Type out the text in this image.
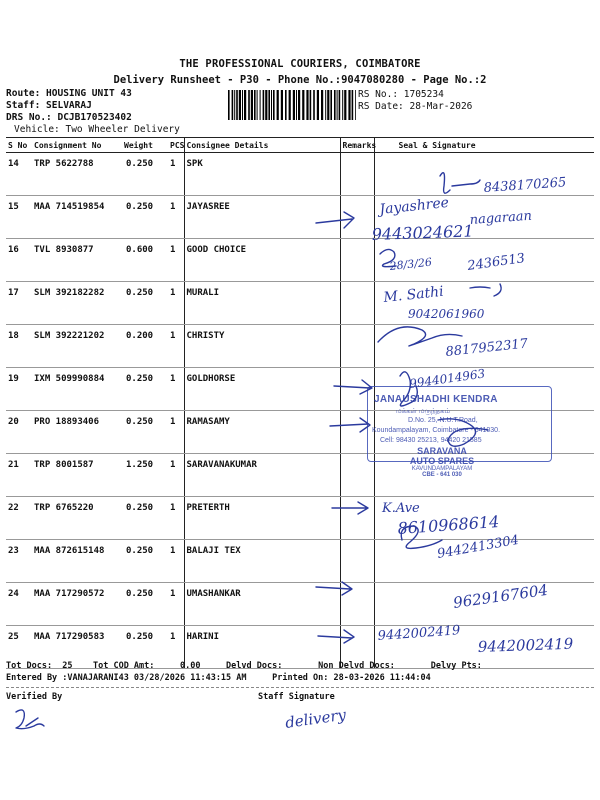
THE PROFESSIONAL COURIERS, COIMBATORE
Delivery Runsheet - P30 - Phone No.:9047080280 - Page No.:2
Route: HOUSING UNIT 43
Staff: SELVARAJ
DRS No.: DCJB170523402
Vehicle: Two Wheeler Delivery
RS No.: 1705234
RS Date: 28-Mar-2026
S No	Consignment No	Weight	PCS	Consignee Details	Remarks	Seal & Signature
14	TRP 5622788	0.250	1	SPK		
15	MAA 714519854	0.250	1	JAYASREE		
16	TVL 8930877	0.600	1	GOOD CHOICE		
17	SLM 392182282	0.250	1	MURALI		
18	SLM 392221202	0.200	1	CHRISTY		
19	IXM 509990884	0.250	1	GOLDHORSE		
20	PRO 18893406	0.250	1	RAMASAMY		
21	TRP 8001587	1.250	1	SARAVANAKUMAR		
22	TRP 6765220	0.250	1	PRETERTH		
23	MAA 872615148	0.250	1	BALAJI TEX		
24	MAA 717290572	0.250	1	UMASHANKAR		
25	MAA 717290583	0.250	1	HARINI		
JANAUSHADHI KENDRA
மக்கள் மருந்தகம்
D.No. 25, N.U.T.Road,
Koundampalayam, Coimbatore - 641030.
Cell: 98430 25213, 94420 21585
SARAVANA
AUTO SPARES
KAVUNDAMPALAYAM
CBE - 641 030
8438170265
Jayashree
nagaraan
9443024621
28/3/26	2436513
M. Sathi
9042061960
8817952317
9944014963
K.Ave
8610968614
9442413304
9629167604
9442002419
9442002419
delivery
Tot Docs:  25    Tot COD Amt:     0.00     Delvd Docs:       Non Delvd Docs:       Delvy Pts:
Entered By :VANAJARANI43 03/28/2026 11:43:15 AM     Printed On: 28-03-2026 11:44:04
Verified By	Staff Signature
